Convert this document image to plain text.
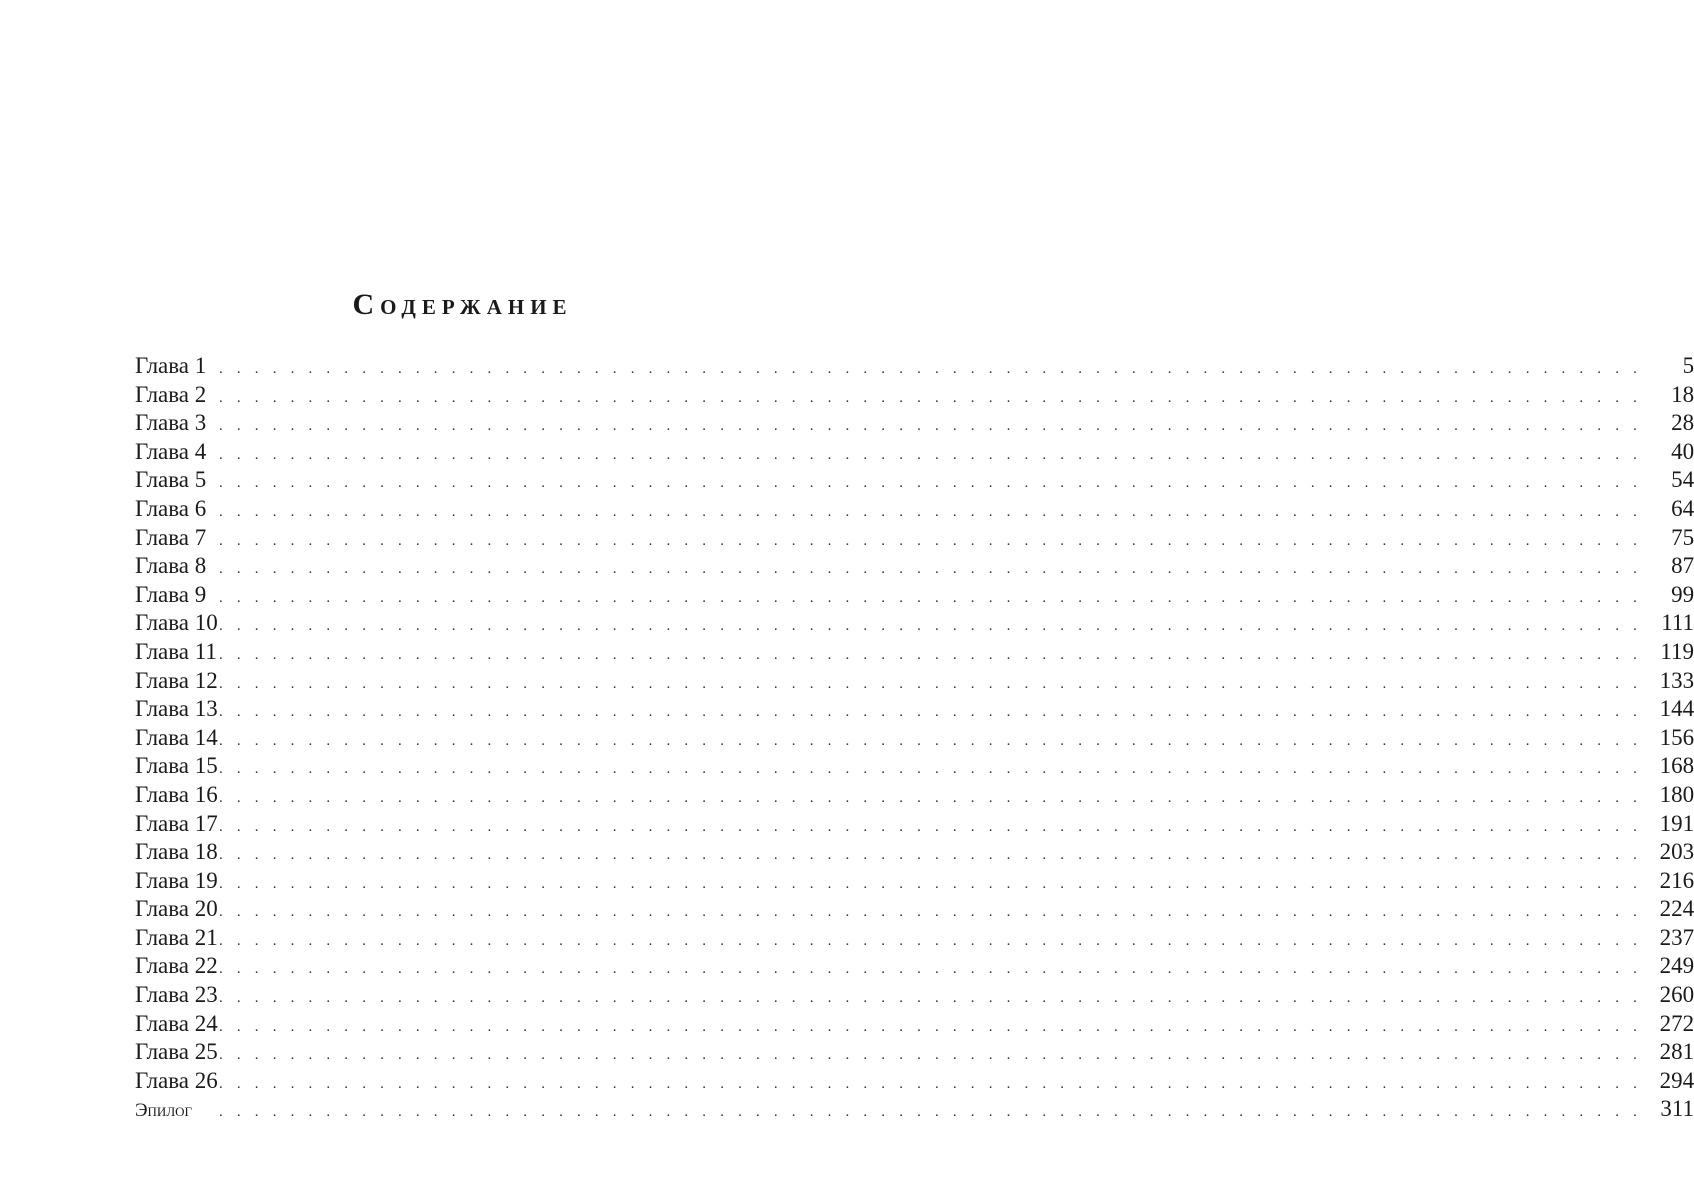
Содержание
Глава 1 . . . . . . . . . . . . . . . . . . . . . . . . . . . . . . . . . . . . . . . . . . . . . . . . . . . . . . . . . . . . . . . . . . . . . . . . . . . . . . . .	5
Глава 2 . . . . . . . . . . . . . . . . . . . . . . . . . . . . . . . . . . . . . . . . . . . . . . . . . . . . . . . . . . . . . . . . . . . . . . . . . . . . . . . .	18
Глава 3 . . . . . . . . . . . . . . . . . . . . . . . . . . . . . . . . . . . . . . . . . . . . . . . . . . . . . . . . . . . . . . . . . . . . . . . . . . . . . . . .	28
Глава 4 . . . . . . . . . . . . . . . . . . . . . . . . . . . . . . . . . . . . . . . . . . . . . . . . . . . . . . . . . . . . . . . . . . . . . . . . . . . . . . . .	40
Глава 5 . . . . . . . . . . . . . . . . . . . . . . . . . . . . . . . . . . . . . . . . . . . . . . . . . . . . . . . . . . . . . . . . . . . . . . . . . . . . . . . .	54
Глава 6 . . . . . . . . . . . . . . . . . . . . . . . . . . . . . . . . . . . . . . . . . . . . . . . . . . . . . . . . . . . . . . . . . . . . . . . . . . . . . . . .	64
Глава 7 . . . . . . . . . . . . . . . . . . . . . . . . . . . . . . . . . . . . . . . . . . . . . . . . . . . . . . . . . . . . . . . . . . . . . . . . . . . . . . . .	75
Глава 8 . . . . . . . . . . . . . . . . . . . . . . . . . . . . . . . . . . . . . . . . . . . . . . . . . . . . . . . . . . . . . . . . . . . . . . . . . . . . . . . .	87
Глава 9 . . . . . . . . . . . . . . . . . . . . . . . . . . . . . . . . . . . . . . . . . . . . . . . . . . . . . . . . . . . . . . . . . . . . . . . . . . . . . . . .	99
Глава 10 . . . . . . . . . . . . . . . . . . . . . . . . . . . . . . . . . . . . . . . . . . . . . . . . . . . . . . . . . . . . . . . . . . . . . . . . . . . . . . . . 111
Глава 11 . . . . . . . . . . . . . . . . . . . . . . . . . . . . . . . . . . . . . . . . . . . . . . . . . . . . . . . . . . . . . . . . . . . . . . . . . . . . . . . . 119
Глава 12 . . . . . . . . . . . . . . . . . . . . . . . . . . . . . . . . . . . . . . . . . . . . . . . . . . . . . . . . . . . . . . . . . . . . . . . . . . . . . . . . 133
Глава 13 . . . . . . . . . . . . . . . . . . . . . . . . . . . . . . . . . . . . . . . . . . . . . . . . . . . . . . . . . . . . . . . . . . . . . . . . . . . . . . . . 144
Глава 14 . . . . . . . . . . . . . . . . . . . . . . . . . . . . . . . . . . . . . . . . . . . . . . . . . . . . . . . . . . . . . . . . . . . . . . . . . . . . . . . . 156
Глава 15 . . . . . . . . . . . . . . . . . . . . . . . . . . . . . . . . . . . . . . . . . . . . . . . . . . . . . . . . . . . . . . . . . . . . . . . . . . . . . . . . 168
Глава 16 . . . . . . . . . . . . . . . . . . . . . . . . . . . . . . . . . . . . . . . . . . . . . . . . . . . . . . . . . . . . . . . . . . . . . . . . . . . . . . . . 180
Глава 17 . . . . . . . . . . . . . . . . . . . . . . . . . . . . . . . . . . . . . . . . . . . . . . . . . . . . . . . . . . . . . . . . . . . . . . . . . . . . . . . . 191
Глава 18 . . . . . . . . . . . . . . . . . . . . . . . . . . . . . . . . . . . . . . . . . . . . . . . . . . . . . . . . . . . . . . . . . . . . . . . . . . . . . . . . 203
Глава 19 . . . . . . . . . . . . . . . . . . . . . . . . . . . . . . . . . . . . . . . . . . . . . . . . . . . . . . . . . . . . . . . . . . . . . . . . . . . . . . . . 216
Глава 20 . . . . . . . . . . . . . . . . . . . . . . . . . . . . . . . . . . . . . . . . . . . . . . . . . . . . . . . . . . . . . . . . . . . . . . . . . . . . . . . . 224
Глава 21 . . . . . . . . . . . . . . . . . . . . . . . . . . . . . . . . . . . . . . . . . . . . . . . . . . . . . . . . . . . . . . . . . . . . . . . . . . . . . . . . 237
Глава 22 . . . . . . . . . . . . . . . . . . . . . . . . . . . . . . . . . . . . . . . . . . . . . . . . . . . . . . . . . . . . . . . . . . . . . . . . . . . . . . . . 249
Глава 23 . . . . . . . . . . . . . . . . . . . . . . . . . . . . . . . . . . . . . . . . . . . . . . . . . . . . . . . . . . . . . . . . . . . . . . . . . . . . . . . . 260
Глава 24 . . . . . . . . . . . . . . . . . . . . . . . . . . . . . . . . . . . . . . . . . . . . . . . . . . . . . . . . . . . . . . . . . . . . . . . . . . . . . . . . 272
Глава 25 . . . . . . . . . . . . . . . . . . . . . . . . . . . . . . . . . . . . . . . . . . . . . . . . . . . . . . . . . . . . . . . . . . . . . . . . . . . . . . . . 281
Глава 26 . . . . . . . . . . . . . . . . . . . . . . . . . . . . . . . . . . . . . . . . . . . . . . . . . . . . . . . . . . . . . . . . . . . . . . . . . . . . . . . . 294
Эпилог	. . . . . . . . . . . . . . . . . . . . . . . . . . . . . . . . . . . . . . . . . . . . . . . . . . . . . . . . . . . . . . . . . . . . . . . . . . . . . . . . 311
